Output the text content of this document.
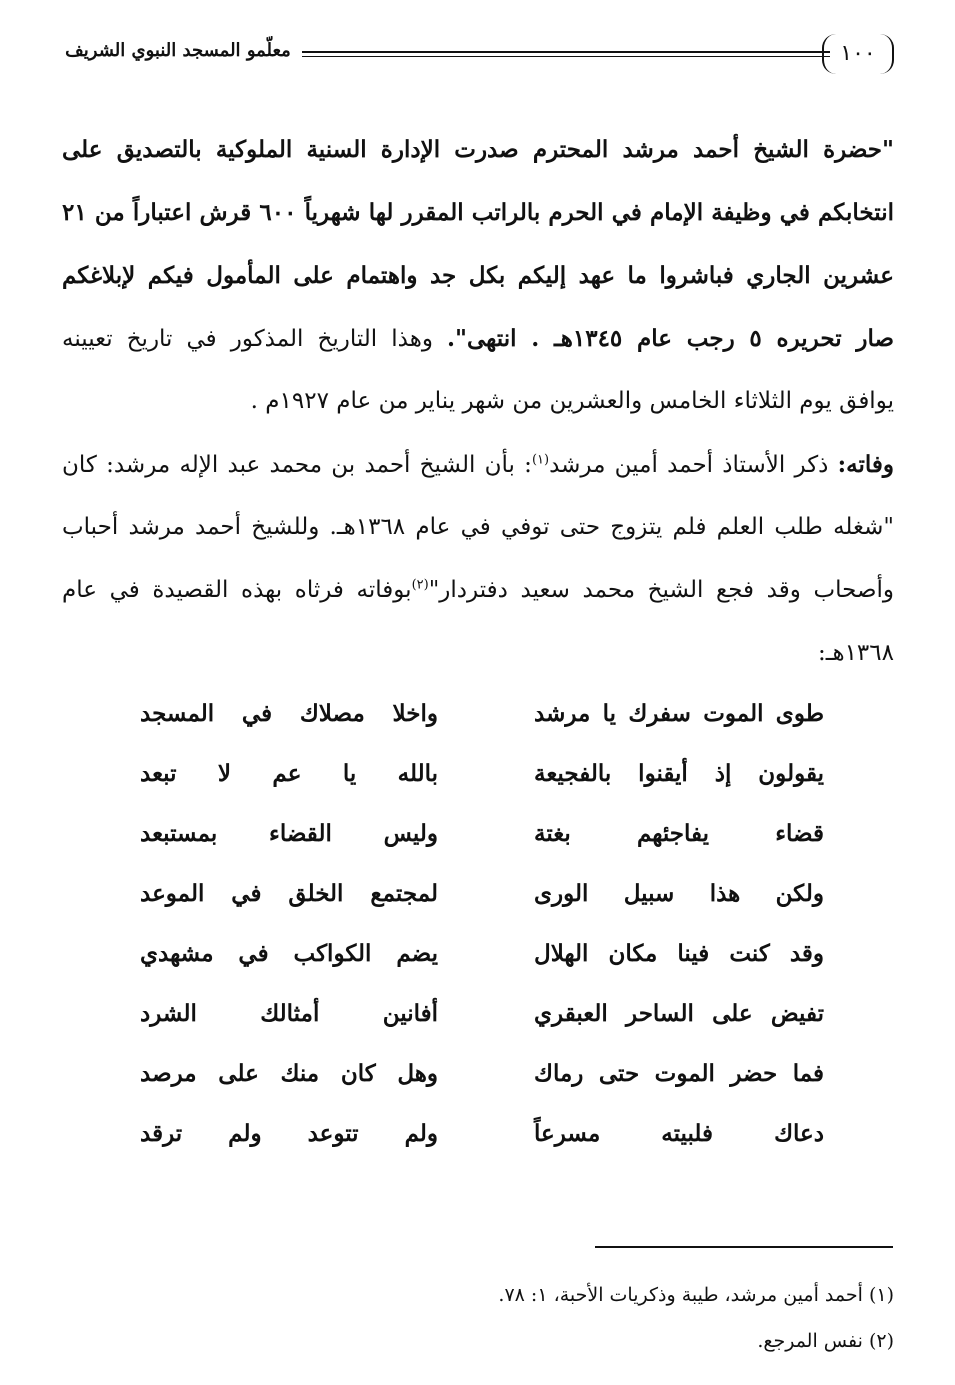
١٠٠
معلّمو المسجد النبوي الشريف
"حضرة الشيخ أحمد مرشد المحترم صدرت الإدارة السنية الملوكية بالتصديق على
انتخابكم في وظيفة الإمام في الحرم بالراتب المقرر لها شهرياً ٦٠٠ قرش اعتباراً من ٢١
عشرين الجاري فباشروا ما عهد إليكم بكل جد واهتمام على المأمول فيكم لإبلاغكم
صار تحريره ٥ رجب عام ١٣٤٥هـ . انتهى". وهذا التاريخ المذكور في تاريخ تعيينه
يوافق يوم الثلاثاء الخامس والعشرين من شهر يناير من عام ١٩٢٧م .
وفاته: ذكر الأستاذ أحمد أمين مرشد$^{(١)}$: بأن الشيخ أحمد بن محمد عبد الإله مرشد: كان
"شغله طلب العلم فلم يتزوج حتى توفي في عام ١٣٦٨هـ. وللشيخ أحمد مرشد أحباب
وأصحاب وقد فجع الشيخ محمد سعيد دفتردار"$^{(٢)}$بوفاته فرثاه بهذه القصيدة في عام
١٣٦٨هـ:
طوى الموت سفرك يا مرشد
واخلا مصلاك في المسجد
يقولون إذ أيقنوا بالفجيعة
بالله يا عم لا تبعد
قضاء يفاجئهم بغتة
وليس القضاء بمستبعد
ولكن هذا سبيل الورى
لمجتمع الخلق في الموعد
وقد كنت فينا مكان الهلال
يضم الكواكب في مشهدي
تفيض على الساحر العبقري
أفانين أمثالك الشرد
فما حضر الموت حتى رماك
وهل كان منك على مرصد
دعاك فلبيته مسرعاً
ولم تتوعد ولم ترقد
(١) أحمد أمين مرشد، طيبة وذكريات الأحبة، ١: ٧٨.
(٢) نفس المرجع.
